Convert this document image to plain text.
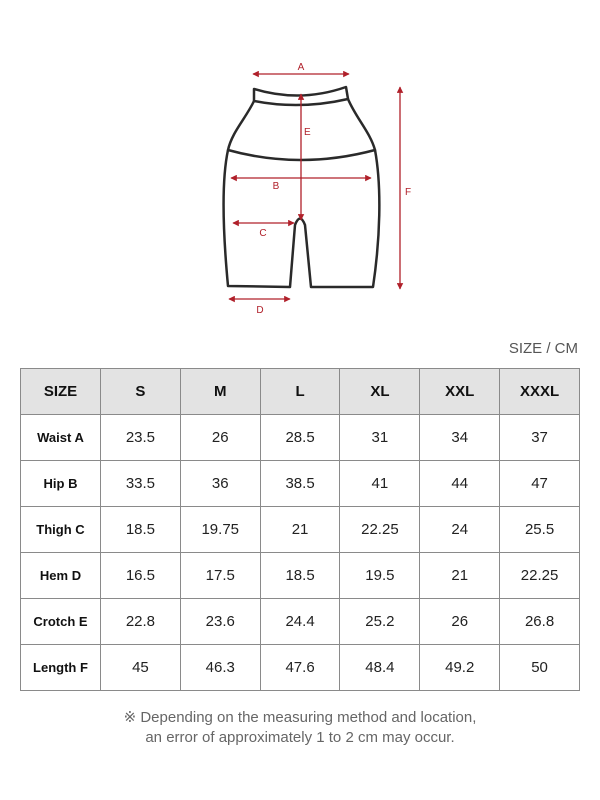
A
E
B
C
D
F
SIZE / CM
SIZE	S	M	L	XL	XXL	XXXL
Waist A	23.5	26	28.5	31	34	37
Hip B	33.5	36	38.5	41	44	47
Thigh C	18.5	19.75	21	22.25	24	25.5
Hem D	16.5	17.5	18.5	19.5	21	22.25
Crotch E	22.8	23.6	24.4	25.2	26	26.8
Length F	45	46.3	47.6	48.4	49.2	50
※ Depending on the measuring method and location,
an error of approximately 1 to 2 cm may occur.
